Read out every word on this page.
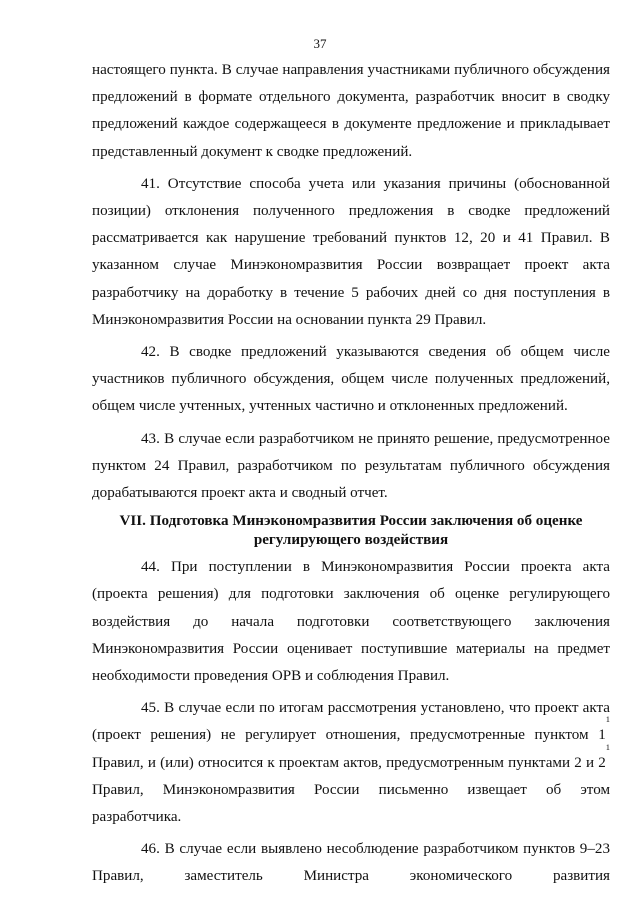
37

настоящего пункта. В случае направления участниками публичного обсуждения предложений в формате отдельного документа, разработчик вносит в сводку предложений каждое содержащееся в документе предложение и прикладывает представленный документ к сводке предложений.

41. Отсутствие способа учета или указания причины (обоснованной позиции) отклонения полученного предложения в сводке предложений рассматривается как нарушение требований пунктов 12, 20 и 41 Правил. В указанном случае Минэкономразвития России возвращает проект акта разработчику на доработку в течение 5 рабочих дней со дня поступления в Минэкономразвития России на основании пункта 29 Правил.

42. В сводке предложений указываются сведения об общем числе участников публичного обсуждения, общем числе полученных предложений, общем числе учтенных, учтенных частично и отклоненных предложений.

43. В случае если разработчиком не принято решение, предусмотренное пунктом 24 Правил, разработчиком по результатам публичного обсуждения дорабатываются проект акта и сводный отчет.

VII. Подготовка Минэкономразвития России заключения об оценке
регулирующего воздействия

44. При поступлении в Минэкономразвития России проекта акта (проекта решения) для подготовки заключения об оценке регулирующего воздействия до начала подготовки соответствующего заключения Минэкономразвития России оценивает поступившие материалы на предмет необходимости проведения ОРВ и соблюдения Правил.

45. В случае если по итогам рассмотрения установлено, что проект акта (проект решения) не регулирует отношения, предусмотренные пунктом $1^1$ Правил, и (или) относится к проектам актов, предусмотренным пунктами 2 и $2^1$ Правил, Минэкономразвития России письменно извещает об этом разработчика.

46. В случае если выявлено несоблюдение разработчиком пунктов 9–23 Правил, заместитель Министра экономического развития
